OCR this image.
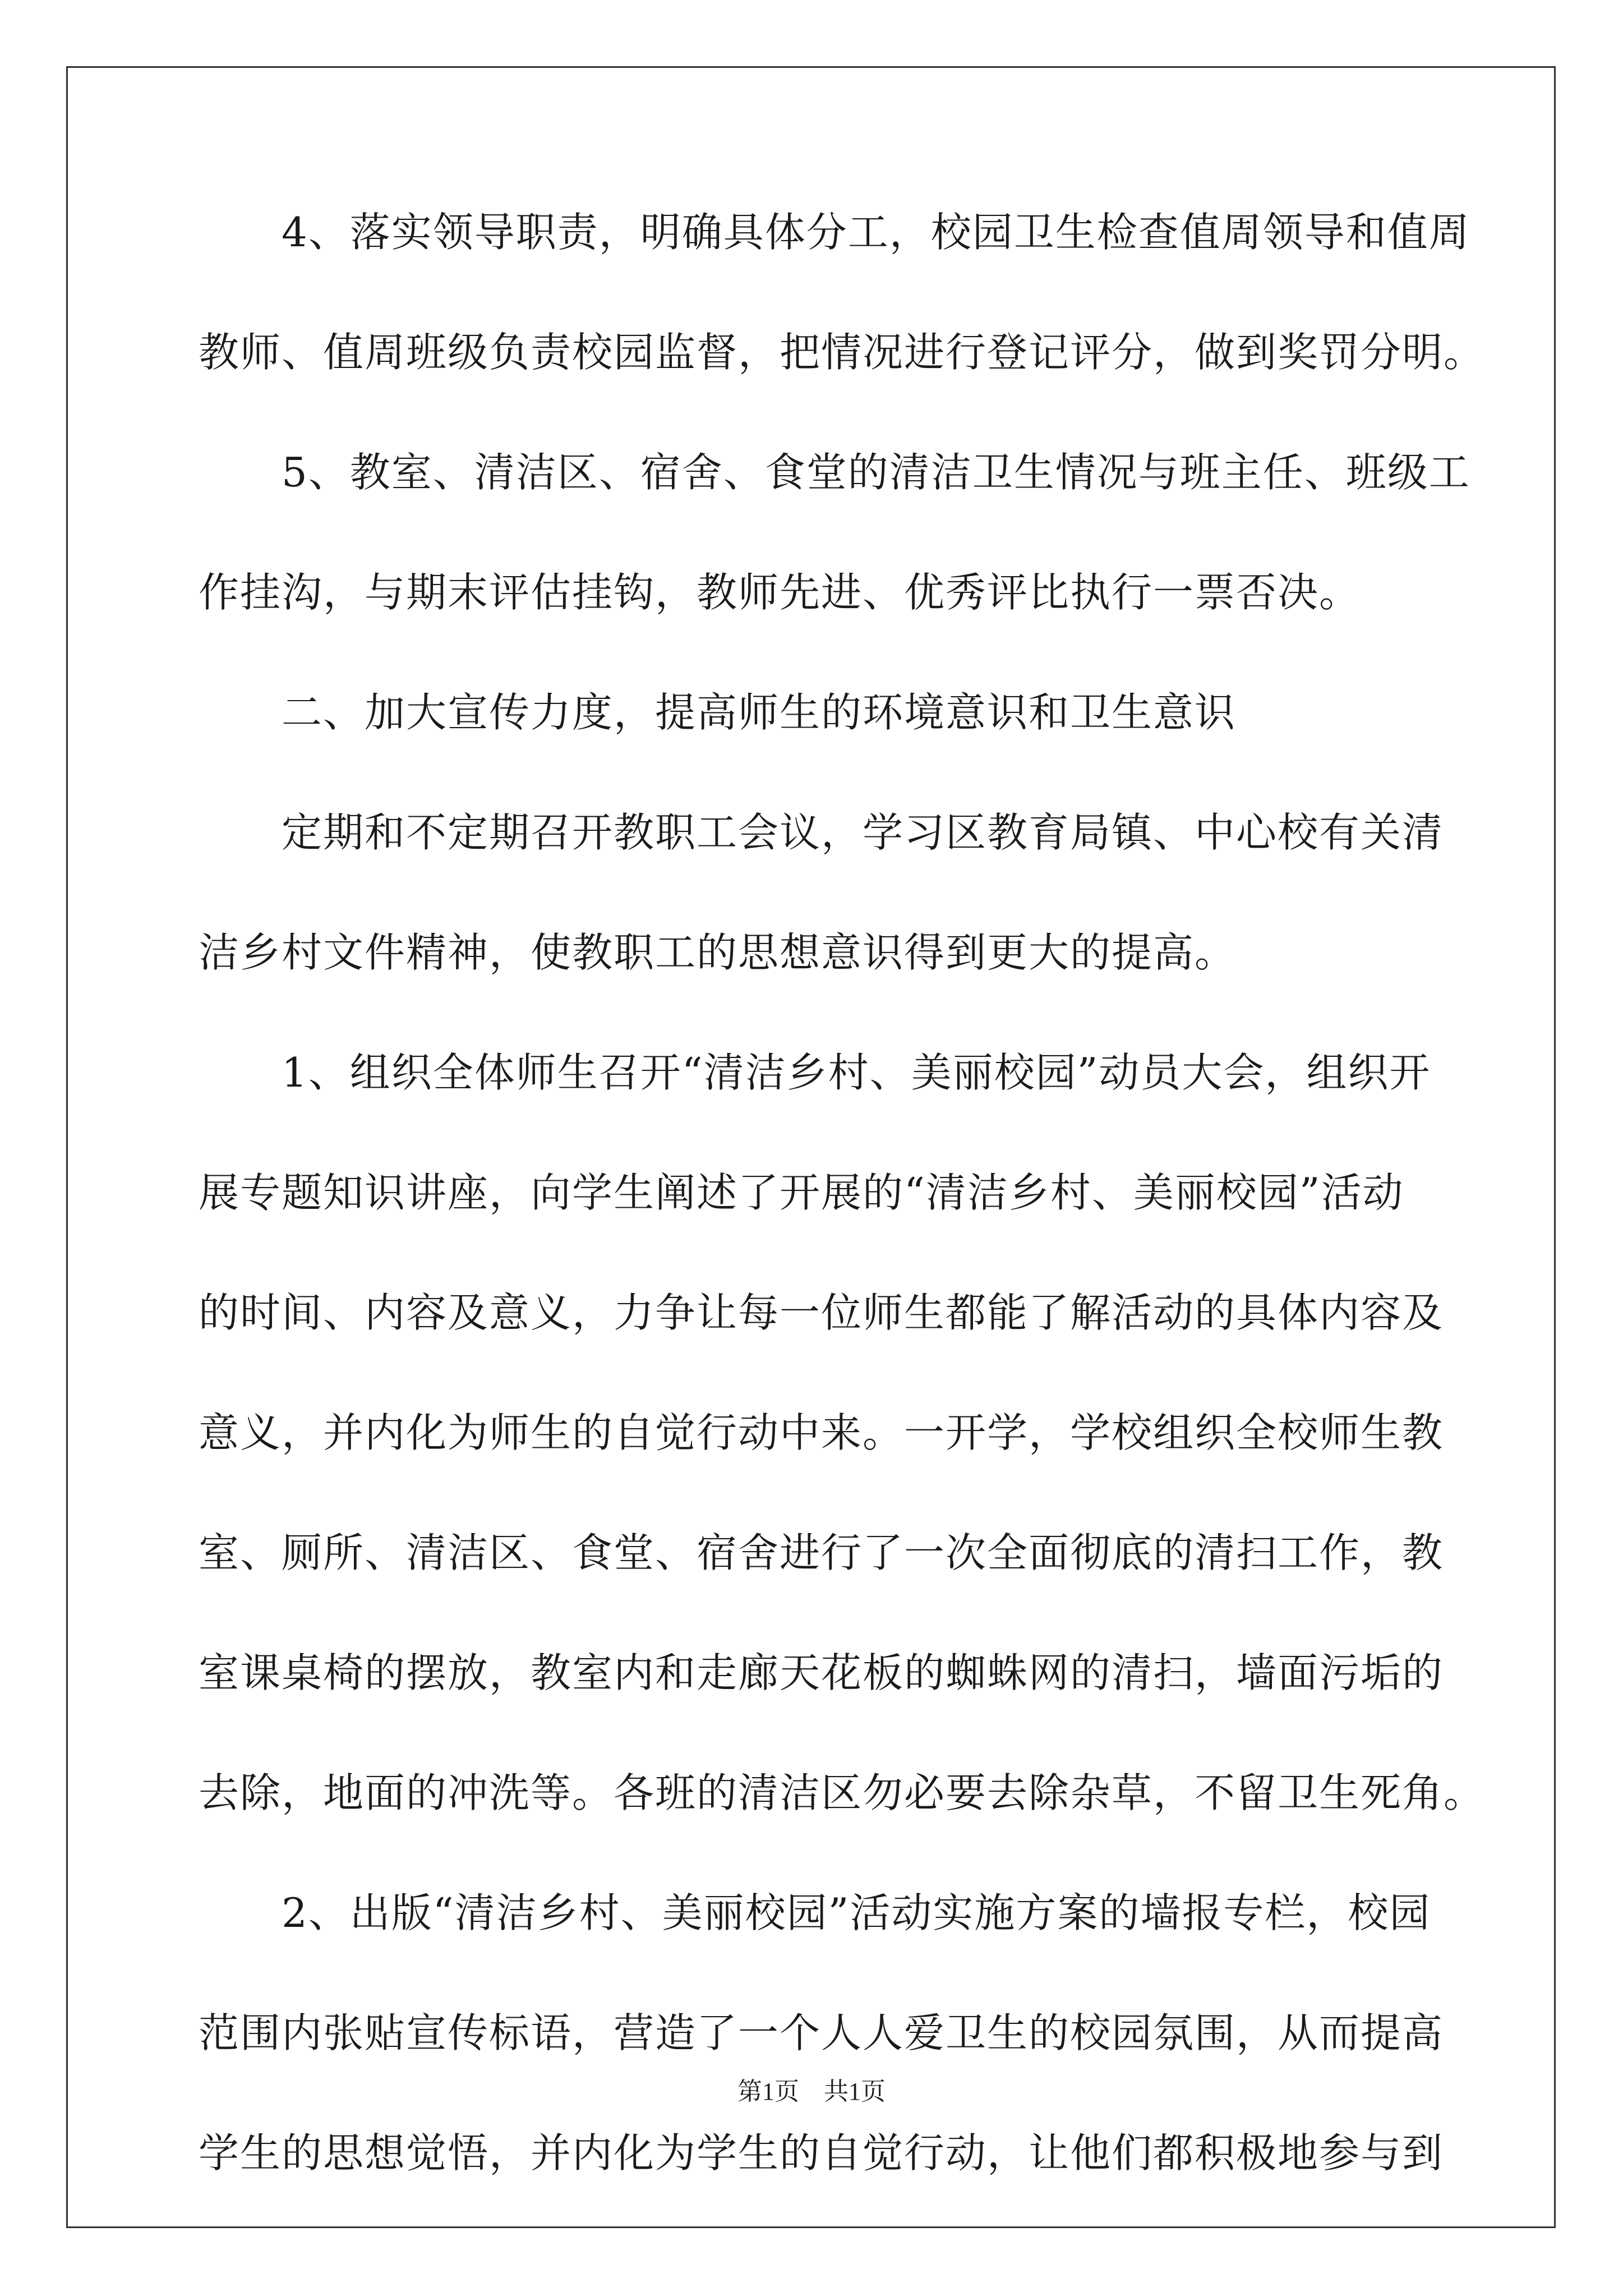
4、落实领导职责，明确具体分工，校园卫生检查值周领导和值周
教师、值周班级负责校园监督，把情况进行登记评分，做到奖罚分明。
5、教室、清洁区、宿舍、食堂的清洁卫生情况与班主任、班级工
作挂沟，与期末评估挂钩，教师先进、优秀评比执行一票否决。
二、加大宣传力度，提高师生的环境意识和卫生意识
定期和不定期召开教职工会议，学习区教育局镇、中心校有关清
洁乡村文件精神，使教职工的思想意识得到更大的提高。
1、组织全体师生召开“清洁乡村、美丽校园”动员大会，组织开
展专题知识讲座，向学生阐述了开展的“清洁乡村、美丽校园”活动
的时间、内容及意义，力争让每一位师生都能了解活动的具体内容及
意义，并内化为师生的自觉行动中来。一开学，学校组织全校师生教
室、厕所、清洁区、食堂、宿舍进行了一次全面彻底的清扫工作，教
室课桌椅的摆放，教室内和走廊天花板的蜘蛛网的清扫，墙面污垢的
去除，地面的冲洗等。各班的清洁区勿必要去除杂草，不留卫生死角。
2、出版“清洁乡村、美丽校园”活动实施方案的墙报专栏，校园
范围内张贴宣传标语，营造了一个人人爱卫生的校园氛围，从而提高
学生的思想觉悟，并内化为学生的自觉行动，让他们都积极地参与到
第1页 共1页
